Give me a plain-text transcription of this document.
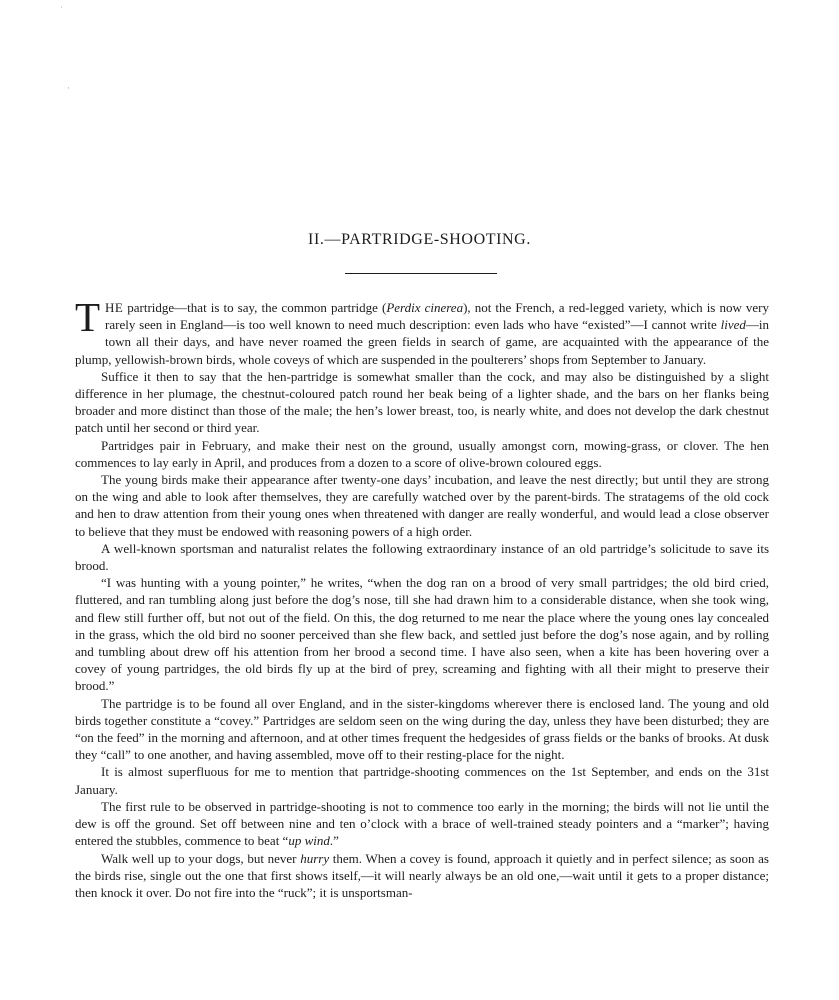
˙
·
II.—PARTRIDGE-SHOOTING.

THE partridge—that is to say, the common partridge (Perdix cinerea), not the French, a red-legged variety, which is now very rarely seen in England—is too well known to need much description: even lads who have “existed”—I cannot write lived—in town all their days, and have never roamed the green fields in search of game, are acquainted with the appearance of the plump, yellowish-brown birds, whole coveys of which are suspended in the poulterers’ shops from September to January.

Suffice it then to say that the hen-partridge is somewhat smaller than the cock, and may also be distinguished by a slight difference in her plumage, the chestnut-coloured patch round her beak being of a lighter shade, and the bars on her flanks being broader and more distinct than those of the male; the hen’s lower breast, too, is nearly white, and does not develop the dark chestnut patch until her second or third year.

Partridges pair in February, and make their nest on the ground, usually amongst corn, mowing-grass, or clover. The hen commences to lay early in April, and produces from a dozen to a score of olive-brown coloured eggs.

The young birds make their appearance after twenty-one days’ incubation, and leave the nest directly; but until they are strong on the wing and able to look after themselves, they are carefully watched over by the parent-birds. The stratagems of the old cock and hen to draw attention from their young ones when threatened with danger are really wonderful, and would lead a close observer to believe that they must be endowed with reasoning powers of a high order.

A well-known sportsman and naturalist relates the following extraordinary instance of an old partridge’s solicitude to save its brood.

“I was hunting with a young pointer,” he writes, “when the dog ran on a brood of very small partridges; the old bird cried, fluttered, and ran tumbling along just before the dog’s nose, till she had drawn him to a considerable distance, when she took wing, and flew still further off, but not out of the field. On this, the dog returned to me near the place where the young ones lay concealed in the grass, which the old bird no sooner perceived than she flew back, and settled just before the dog’s nose again, and by rolling and tumbling about drew off his attention from her brood a second time. I have also seen, when a kite has been hovering over a covey of young partridges, the old birds fly up at the bird of prey, screaming and fighting with all their might to preserve their brood.”

The partridge is to be found all over England, and in the sister-kingdoms wherever there is enclosed land. The young and old birds together constitute a “covey.” Partridges are seldom seen on the wing during the day, unless they have been disturbed; they are “on the feed” in the morning and afternoon, and at other times frequent the hedgesides of grass fields or the banks of brooks. At dusk they “call” to one another, and having assembled, move off to their resting-place for the night.

It is almost superfluous for me to mention that partridge-shooting commences on the 1st September, and ends on the 31st January.

The first rule to be observed in partridge-shooting is not to commence too early in the morning; the birds will not lie until the dew is off the ground. Set off between nine and ten o’clock with a brace of well-trained steady pointers and a “marker”; having entered the stubbles, commence to beat “up wind.”

Walk well up to your dogs, but never hurry them. When a covey is found, approach it quietly and in perfect silence; as soon as the birds rise, single out the one that first shows itself,—it will nearly always be an old one,—wait until it gets to a proper distance; then knock it over. Do not fire into the “ruck”; it is unsportsman-
